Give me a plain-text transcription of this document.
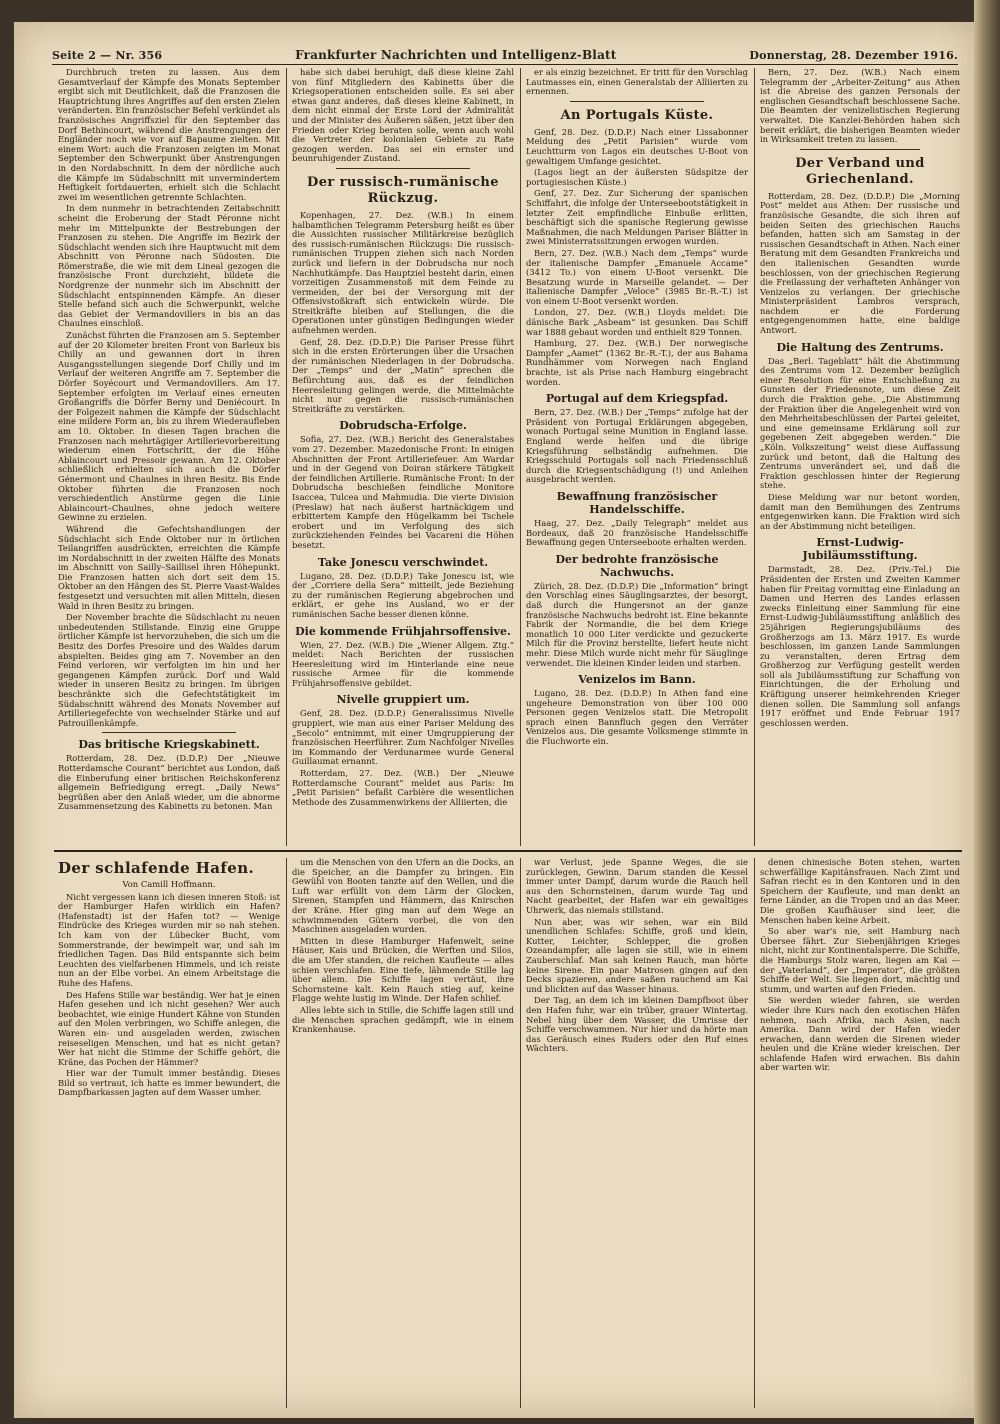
Seite 2 — Nr. 356	Frankfurter Nachrichten und Intelligenz-Blatt	Donnerstag, 28. Dezember 1916.

Durchbruch treten zu lassen. Aus dem Gesamtverlauf der Kämpfe des Monats September ergibt sich mit Deutlichkeit, daß die Franzosen die Hauptrichtung ihres Angriffes auf den ersten Zielen veränderten. Ein französischer Befehl verkündet als französisches Angriffsziel für den September das Dorf Bethincourt, während die Anstrengungen der Engländer noch wie vor auf Bapaume zielten. Mit einem Wort: auch die Franzosen zeigten im Monat September den Schwerpunkt über Anstrengungen in den Nordabschnitt. In dem der nördliche auch die Kämpfe im Südabschnitt mit unvermindertem Heftigkeit fortdauerten, erhielt sich die Schlacht zwei im wesentlichen getrennte Schlachten.

In dem nunmehr in betrachtenden Zeitabschnitt scheint die Eroberung der Stadt Péronne nicht mehr im Mittelpunkte der Bestrebungen der Franzosen zu stehen. Die Angriffe im Bezirk der Südschlacht wenden sich ihre Hauptwucht mit dem Abschnitt von Péronne nach Südosten. Die Römerstraße, die wie mit dem Lineal gezogen die französische Front durchzieht, bildete die Nordgrenze der nunmehr sich im Abschnitt der Südschlacht entspinnenden Kämpfe. An dieser Stelle befand sich auch die Schwerpunkt, welche das Gebiet der Vermandovillers in bis an das Chaulnes einschloß.

Zunächst führten die Franzosen am 5. September auf der 20 Kilometer breiten Front von Barleux bis Chilly an und gewannen dort in ihren Ausgangsstellungen siegende Dorf Chilly und im Verlauf der weiteren Angriffe am 7. September die Dörfer Soyécourt und Vermandovillers. Am 17. September erfolgten im Verlauf eines erneuten Großangriffs die Dörfer Berny und Deniécourt. In der Folgezeit nahmen die Kämpfe der Südschlacht eine mildere Form an, bis zu ihrem Wiederaufleben am 10. Oktober. In diesen Tagen brachen die Franzosen nach mehrtägiger Artillerievorbereitung wiederum einen Fortschritt, der die Höhe Ablaincourt und Pressoir gewann. Am 12. Oktober schließlich erhielten sich auch die Dörfer Génermont und Chaulnes in ihren Besitz. Bis Ende Oktober führten die Franzosen noch verschiedentlich Anstürme gegen die Linie Ablaincourt–Chaulnes, ohne jedoch weitere Gewinne zu erzielen.

Während die Gefechtshandlungen der Südschlacht sich Ende Oktober nur in örtlichen Teilangriffen ausdrückten, erreichten die Kämpfe im Nordabschnitt in der zweiten Hälfte des Monats im Abschnitt von Sailly–Saillisel ihren Höhepunkt. Die Franzosen hatten sich dort seit dem 15. Oktober an den Hängen des St. Pierre Vaast-Waldes festgesetzt und versuchten mit allen Mitteln, diesen Wald in ihren Besitz zu bringen.

Der November brachte die Südschlacht zu neuen unbedeutenden Stillstande. Einzig eine Gruppe örtlicher Kämpfe ist hervorzuheben, die sich um die Besitz des Dorfes Presoire und des Waldes darum abspielten. Beides ging am 7. November an den Feind verloren, wir verfolgten im hin und her gegangenen Kämpfen zurück. Dorf und Wald wieder in unseren Besitz zu bringen. Im übrigen beschränkte sich die Gefechtstätigkeit im Südabschnitt während des Monats November auf Artilleriegefechte von wechselnder Stärke und auf Patrouillenkämpfe.

Das britische Kriegskabinett.

Rotterdam, 28. Dez. (D.D.P.) Der „Nieuwe Rotterdamsche Courant“ berichtet aus London, daß die Einberufung einer britischen Reichskonferenz allgemein Befriedigung erregt. „Daily News“ begrüßen aber den Anlaß wieder, um die abnorme Zusammensetzung des Kabinetts zu betonen. Man

habe sich dabei beruhigt, daß diese kleine Zahl von fünf Mitgliedern des Kabinetts über die Kriegsoperationen entscheiden solle. Es sei aber etwas ganz anderes, daß dieses kleine Kabinett, in dem nicht einmal der Erste Lord der Admiralität und der Minister des Äußeren säßen, jetzt über den Frieden oder Krieg beraten solle, wenn auch wohl die Vertreter der kolonialen Gebiete zu Rate gezogen werden. Das sei ein ernster und beunruhigender Zustand.

Der russisch-rumänische Rückzug.

Kopenhagen, 27. Dez. (W.B.) In einem halbamtlichen Telegramm Petersburg heißt es über die Aussichten russischer Militärkreise bezüglich des russisch-rumänischen Rückzugs: Die russisch-rumänischen Truppen ziehen sich nach Norden zurück und liefern in der Dobrudscha nur noch Nachhutkämpfe. Das Hauptziel besteht darin, einen vorzeitigen Zusammenstoß mit dem Feinde zu vermeiden, der bei der Versorgung mit der Offensivstoßkraft sich entwickeln würde. Die Streitkräfte bleiben auf Stellungen, die die Operationen unter günstigen Bedingungen wieder aufnehmen werden.

Genf, 28. Dez. (D.D.P.) Die Pariser Presse führt sich in die ersten Erörterungen über die Ursachen der rumänischen Niederlagen in der Dobrudscha. Der „Temps“ und der „Matin“ sprechen die Befürchtung aus, daß es der feindlichen Heeresleitung gelingen werde, die Mittelmächte nicht nur gegen die russisch-rumänischen Streitkräfte zu verstärken.

Dobrudscha-Erfolge.

Sofia, 27. Dez. (W.B.) Bericht des Generalstabes vom 27. Dezember. Mazedonische Front: In einigen Abschnitten der Front Artilleriefeuer. Am Wardar und in der Gegend von Doiran stärkere Tätigkeit der feindlichen Artillerie. Rumänische Front: In der Dobrudscha beschießen feindliche Monitore Isaccea, Tulcea und Mahmudia. Die vierte Division (Preslaw) hat nach äußerst hartnäckigem und erbittertem Kampfe den Hügelkamm bei Tschele erobert und im Verfolgung des sich zurückziehenden Feindes bei Vacareni die Höhen besetzt.

Take Jonescu verschwindet.

Lugano, 28. Dez. (D.D.P.) Take Jonescu ist, wie der „Corriere della Sera“ mitteilt, jede Beziehung zu der rumänischen Regierung abgebrochen und erklärt, er gehe ins Ausland, wo er der rumänischen Sache besser dienen könne.

Die kommende Frühjahrsoffensive.

Wien, 27. Dez. (W.B.) Die „Wiener Allgem. Ztg.“ meldet: Nach Berichten der russischen Heeresleitung wird im Hinterlande eine neue russische Armee für die kommende Frühjahrsoffensive gebildet.

Nivelle gruppiert um.

Genf, 28. Dez. (D.D.P.) Generalissimus Nivelle gruppiert, wie man aus einer Pariser Meldung des „Secolo“ entnimmt, mit einer Umgruppierung der französischen Heerführer. Zum Nachfolger Nivelles im Kommando der Verdunarmee wurde General Guillaumat ernannt.

Rotterdam, 27. Dez. (W.B.) Der „Nieuwe Rotterdamsche Courant“ meldet aus Paris: Im „Petit Parisien“ befaßt Carbière die wesentlichen Methode des Zusammenwirkens der Alliierten, die

er als einzig bezeichnet. Er tritt für den Vorschlag Lautmasses ein, einen Generalstab der Alliierten zu ernennen.

An Portugals Küste.

Genf, 28. Dez. (D.D.P.) Nach einer Lissabonner Meldung des „Petit Parisien“ wurde vom Leuchtturm von Lagos ein deutsches U-Boot von gewaltigem Umfange gesichtet.

(Lagos liegt an der äußersten Südspitze der portugiesischen Küste.)

Genf, 27. Dez. Zur Sicherung der spanischen Schiffahrt, die infolge der Unterseebootstätigkeit in letzter Zeit empfindliche Einbuße erlitten, beschäftigt sich die spanische Regierung gewisse Maßnahmen, die nach Meldungen Pariser Blätter in zwei Ministerratssitzungen erwogen wurden.

Bern, 27. Dez. (W.B.) Nach dem „Temps“ wurde der italienische Dampfer „Emanuele Accame“ (3412 To.) von einem U-Boot versenkt. Die Besatzung wurde in Marseille gelandet. — Der italienische Dampfer „Veloce“ (3985 Br.-R.-T.) ist von einem U-Boot versenkt worden.

London, 27. Dez. (W.B.) Lloyds meldet: Die dänische Bark „Asbeam“ ist gesunken. Das Schiff war 1888 gebaut worden und enthielt 829 Tonnen.

Hamburg, 27. Dez. (W.B.) Der norwegische Dampfer „Aamet“ (1362 Br.-R.-T.), der aus Bahama Rundhämmer vom Norwegen nach England brachte, ist als Prise nach Hamburg eingebracht worden.

Portugal auf dem Kriegspfad.

Bern, 27. Dez. (W.B.) Der „Temps“ zufolge hat der Präsident von Portugal Erklärungen abgegeben, wonach Portugal seine Munition in England lasse. England werde helfen und die übrige Kriegsführung selbständig aufnehmen. Die Kriegsschuld Portugals soll nach Friedensschluß durch die Kriegsentschädigung (!) und Anleihen ausgebracht werden.

Bewaffnung französischer Handelsschiffe.

Haag, 27. Dez. „Daily Telegraph“ meldet aus Bordeaux, daß 20 französische Handelsschiffe Bewaffnung gegen Unterseeboote erhalten werden.

Der bedrohte französische Nachwuchs.

Zürich, 28. Dez. (D.D.P.) Die „Information“ bringt den Vorschlag eines Säuglingsarztes, der besorgt, daß durch die Hungersnot an der ganze französische Nachwuchs bedroht ist. Eine bekannte Fabrik der Normandie, die bei dem Kriege monatlich 10 000 Liter verdickte und gezuckerte Milch für die Provinz herstellte, liefert heute nicht mehr. Diese Milch wurde nicht mehr für Säuglinge verwendet. Die kleinen Kinder leiden und starben.

Venizelos im Bann.

Lugano, 28. Dez. (D.D.P.) In Athen fand eine ungeheure Demonstration von über 100 000 Personen gegen Venizelos statt. Die Metropolit sprach einen Bannfluch gegen den Verräter Venizelos aus. Die gesamte Volksmenge stimmte in die Fluchworte ein.

Bern, 27. Dez. (W.B.) Nach einem Telegramm der „Arbeiter-Zeitung“ aus Athen ist die Abreise des ganzen Personals der englischen Gesandtschaft beschlossene Sache. Die Beamten der venizelistischen Regierung verwaltet. Die Kanzlei-Behörden haben sich bereit erklärt, die bisherigen Beamten wieder in Wirksamkeit treten zu lassen.

Der Verband und Griechenland.

Rotterdam, 28. Dez. (D.D.P.) Die „Morning Post“ meldet aus Athen: Der russische und französische Gesandte, die sich ihren auf beiden Seiten des griechischen Rauchs befanden, hatten sich am Samstag in der russischen Gesandtschaft in Athen. Nach einer Beratung mit dem Gesandten Frankreichs und den italienischen Gesandten wurde beschlossen, von der griechischen Regierung die Freilassung der verhafteten Anhänger von Venizelos zu verlangen. Der griechische Ministerpräsident Lambros versprach, nachdem er die Forderung entgegengenommen hatte, eine baldige Antwort.

Die Haltung des Zentrums.

Das „Berl. Tageblatt“ hält die Abstimmung des Zentrums vom 12. Dezember bezüglich einer Resolution für eine Entschließung zu Gunsten der Friedensnote, um diese Zeit durch die Fraktion gehe. „Die Abstimmung der Fraktion über die Angelegenheit wird von den Mehrheitsbeschlüssen der Partei geleitet, und eine gemeinsame Erklärung soll zur gegebenen Zeit abgegeben werden.“ Die „Köln. Volkszeitung“ weist diese Auffassung zurück und betont, daß die Haltung des Zentrums unverändert sei, und daß die Fraktion geschlossen hinter der Regierung stehe.

Diese Meldung war nur betont worden, damit man den Bemühungen des Zentrums entgegenwirken kann. Die Fraktion wird sich an der Abstimmung nicht beteiligen.

Ernst-Ludwig-Jubiläumsstiftung.

Darmstadt, 28. Dez. (Priv.-Tel.) Die Präsidenten der Ersten und Zweiten Kammer haben für Freitag vormittag eine Einladung an Damen und Herren des Landes erlassen zwecks Einleitung einer Sammlung für eine Ernst-Ludwig-Jubiläumsstiftung anläßlich des 25jährigen Regierungsjubiläums des Großherzogs am 13. März 1917. Es wurde beschlossen, im ganzen Lande Sammlungen zu veranstalten, deren Ertrag dem Großherzog zur Verfügung gestellt werden soll als Jubiläumsstiftung zur Schaffung von Einrichtungen, die der Erholung und Kräftigung unserer heimkehrenden Krieger dienen sollen. Die Sammlung soll anfangs 1917 eröffnet und Ende Februar 1917 geschlossen werden.

Der schlafende Hafen.
Von Camill Hoffmann.

Nicht vergessen kann ich diesen inneren Stoß: ist der Hamburger Hafen wirklich ein Hafen? (Hafenstadt) ist der Hafen tot? — Wenige Eindrücke des Krieges wurden mir so nah stehen. Ich kam von der Lübecker Bucht, vom Sommerstrande, der bewimpelt war, und sah im friedlichen Tagen. Das Bild entspannte sich beim Leuchten des vielfarbenen Himmels, und ich reiste nun an der Elbe vorbei. An einem Arbeitstage die Ruhe des Hafens.

Des Hafens Stille war beständig. Wer hat je einen Hafen gesehen und ich nicht gesehen? Wer auch beobachtet, wie einige Hundert Kähne von Stunden auf den Molen verbringen, wo Schiffe anlegen, die Waren ein- und ausgeladen werden, zwischen reiseseligen Menschen, und hat es nicht getan? Wer hat nicht die Stimme der Schiffe gehört, die Kräne, das Pochen der Hämmer?

Hier war der Tumult immer beständig. Dieses Bild so vertraut, ich hatte es immer bewundert, die Dampfbarkassen jagten auf dem Wasser umher.

um die Menschen von den Ufern an die Docks, an die Speicher, an die Dampfer zu bringen. Ein Gewühl von Booten tanzte auf den Wellen, und die Luft war erfüllt von dem Lärm der Glocken, Sirenen, Stampfen und Hämmern, das Knirschen der Kräne. Hier ging man auf dem Wege an schwimmenden Gütern vorbei, die von den Maschinen ausgeladen wurden.

Mitten in diese Hamburger Hafenwelt, seine Häuser, Kais und Brücken, die Werften und Silos, die am Ufer standen, die reichen Kaufleute — alles schien verschlafen. Eine tiefe, lähmende Stille lag über allem. Die Schiffe lagen vertäut, ihre Schornsteine kalt. Kein Rauch stieg auf, keine Flagge wehte lustig im Winde. Der Hafen schlief.

Alles lebte sich in Stille, die Schiffe lagen still und die Menschen sprachen gedämpft, wie in einem Krankenhause.

war Verlust, jede Spanne Weges, die sie zurücklegen, Gewinn. Darum standen die Kessel immer unter Dampf, darum wurde die Rauch hell aus den Schornsteinen, darum wurde Tag und Nacht gearbeitet, der Hafen war ein gewaltiges Uhrwerk, das niemals stillstand.

Nun aber, was wir sehen, war ein Bild unendlichen Schlafes: Schiffe, groß und klein, Kutter, Leichter, Schlepper, die großen Ozeandampfer, alle lagen sie still, wie in einem Zauberschlaf. Man sah keinen Rauch, man hörte keine Sirene. Ein paar Matrosen gingen auf den Decks spazieren, andere saßen rauchend am Kai und blickten auf das Wasser hinaus.

Der Tag, an dem ich im kleinen Dampfboot über den Hafen fuhr, war ein trüber, grauer Wintertag. Nebel hing über dem Wasser, die Umrisse der Schiffe verschwammen. Nur hier und da hörte man das Geräusch eines Ruders oder den Ruf eines Wächters.

denen chinesische Boten stehen, warten schwerfällige Kapitänsfrauen. Nach Zimt und Safran riecht es in den Kontoren und in den Speichern der Kaufleute, und man denkt an ferne Länder, an die Tropen und an das Meer. Die großen Kaufhäuser sind leer, die Menschen haben keine Arbeit.

So aber war's nie, seit Hamburg nach Übersee fährt. Zur Siebenjährigen Krieges nicht, nicht zur Kontinentalsperre. Die Schiffe, die Hamburgs Stolz waren, liegen am Kai — der „Vaterland“, der „Imperator“, die größten Schiffe der Welt. Sie liegen dort, mächtig und stumm, und warten auf den Frieden.

Sie werden wieder fahren, sie werden wieder ihre Kurs nach den exotischen Häfen nehmen, nach Afrika, nach Asien, nach Amerika. Dann wird der Hafen wieder erwachen, dann werden die Sirenen wieder heulen und die Kräne wieder kreischen. Der schlafende Hafen wird erwachen. Bis dahin aber warten wir.
